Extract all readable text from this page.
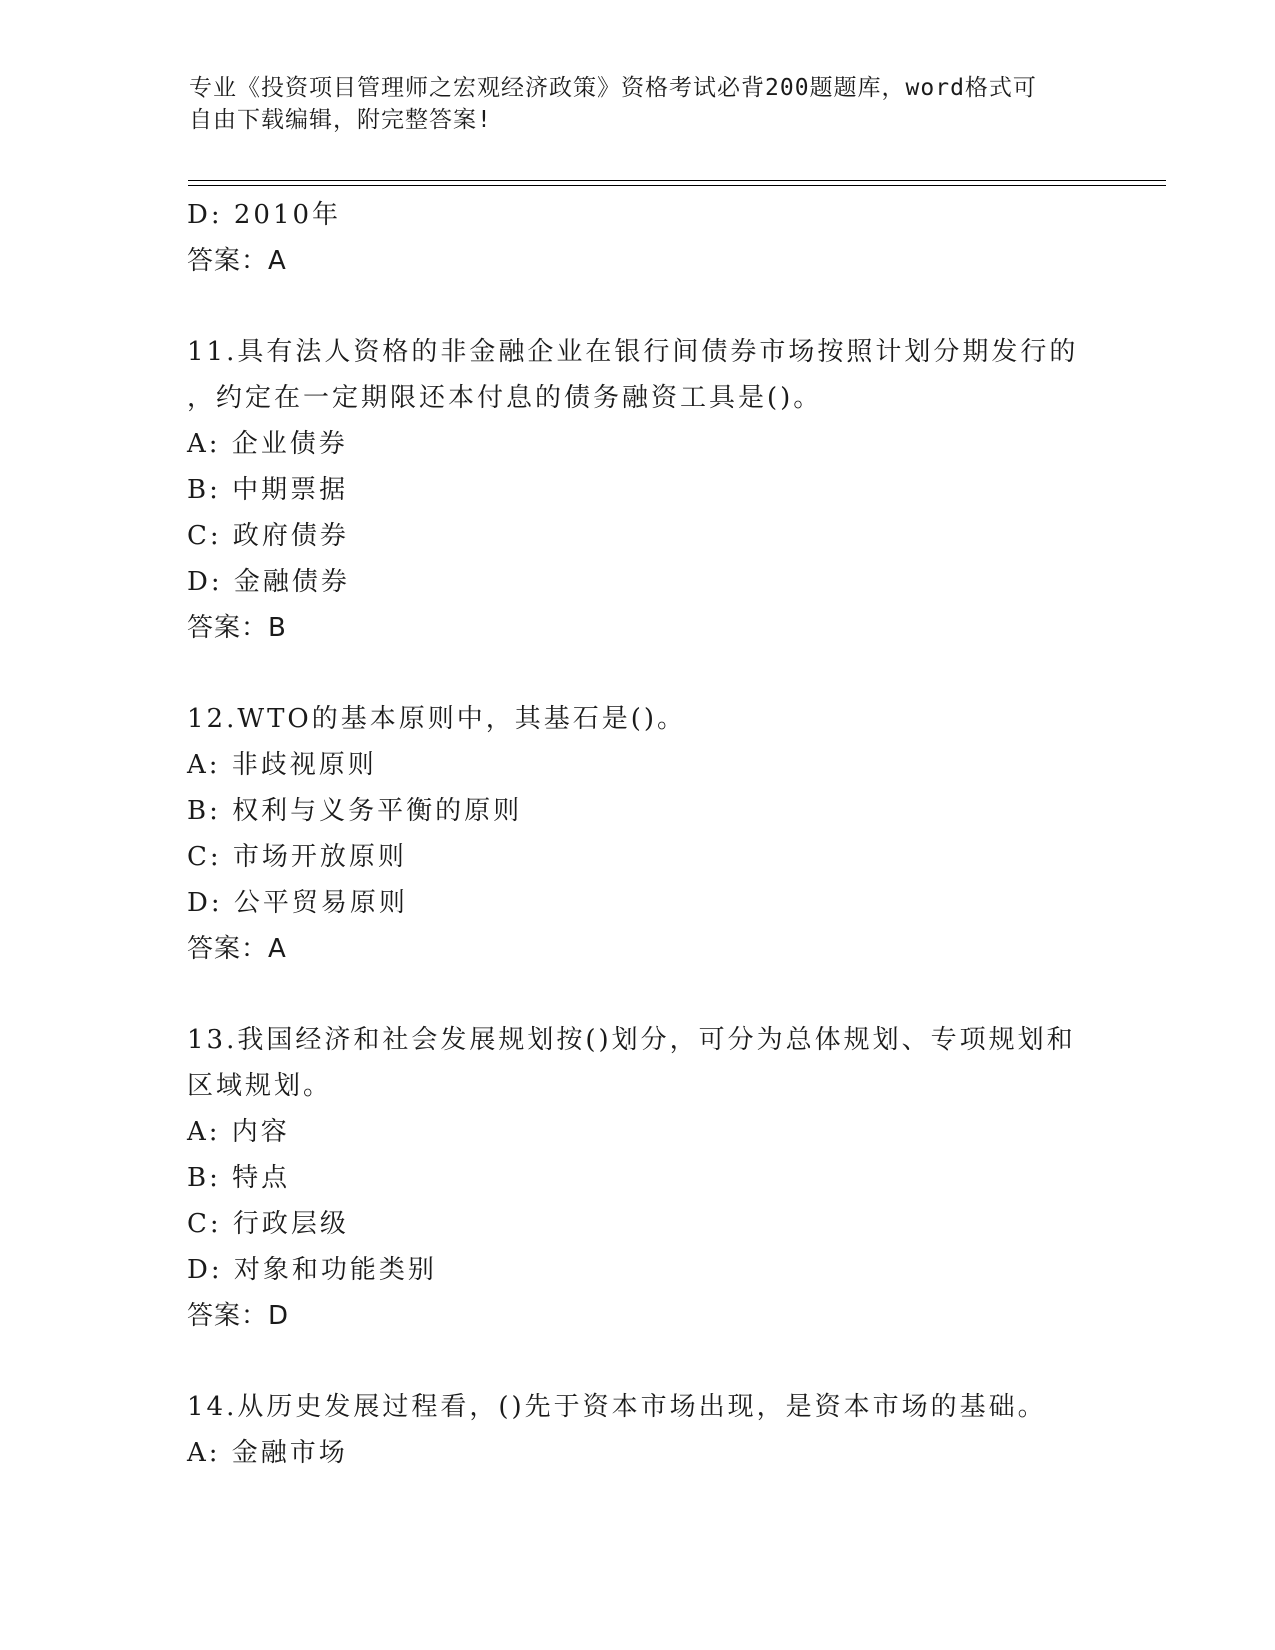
专业《投资项目管理师之宏观经济政策》资格考试必背200题题库，word格式可
自由下载编辑，附完整答案!
D: 2010年
答案：A
11.具有法人资格的非金融企业在银行间债券市场按照计划分期发行的
，约定在一定期限还本付息的债务融资工具是()。
A: 企业债券
B: 中期票据
C: 政府债券
D: 金融债券
答案：B
12.WTO的基本原则中，其基石是()。
A: 非歧视原则
B: 权利与义务平衡的原则
C: 市场开放原则
D: 公平贸易原则
答案：A
13.我国经济和社会发展规划按()划分，可分为总体规划、专项规划和
区域规划。
A: 内容
B: 特点
C: 行政层级
D: 对象和功能类别
答案：D
14.从历史发展过程看，()先于资本市场出现，是资本市场的基础。
A: 金融市场
